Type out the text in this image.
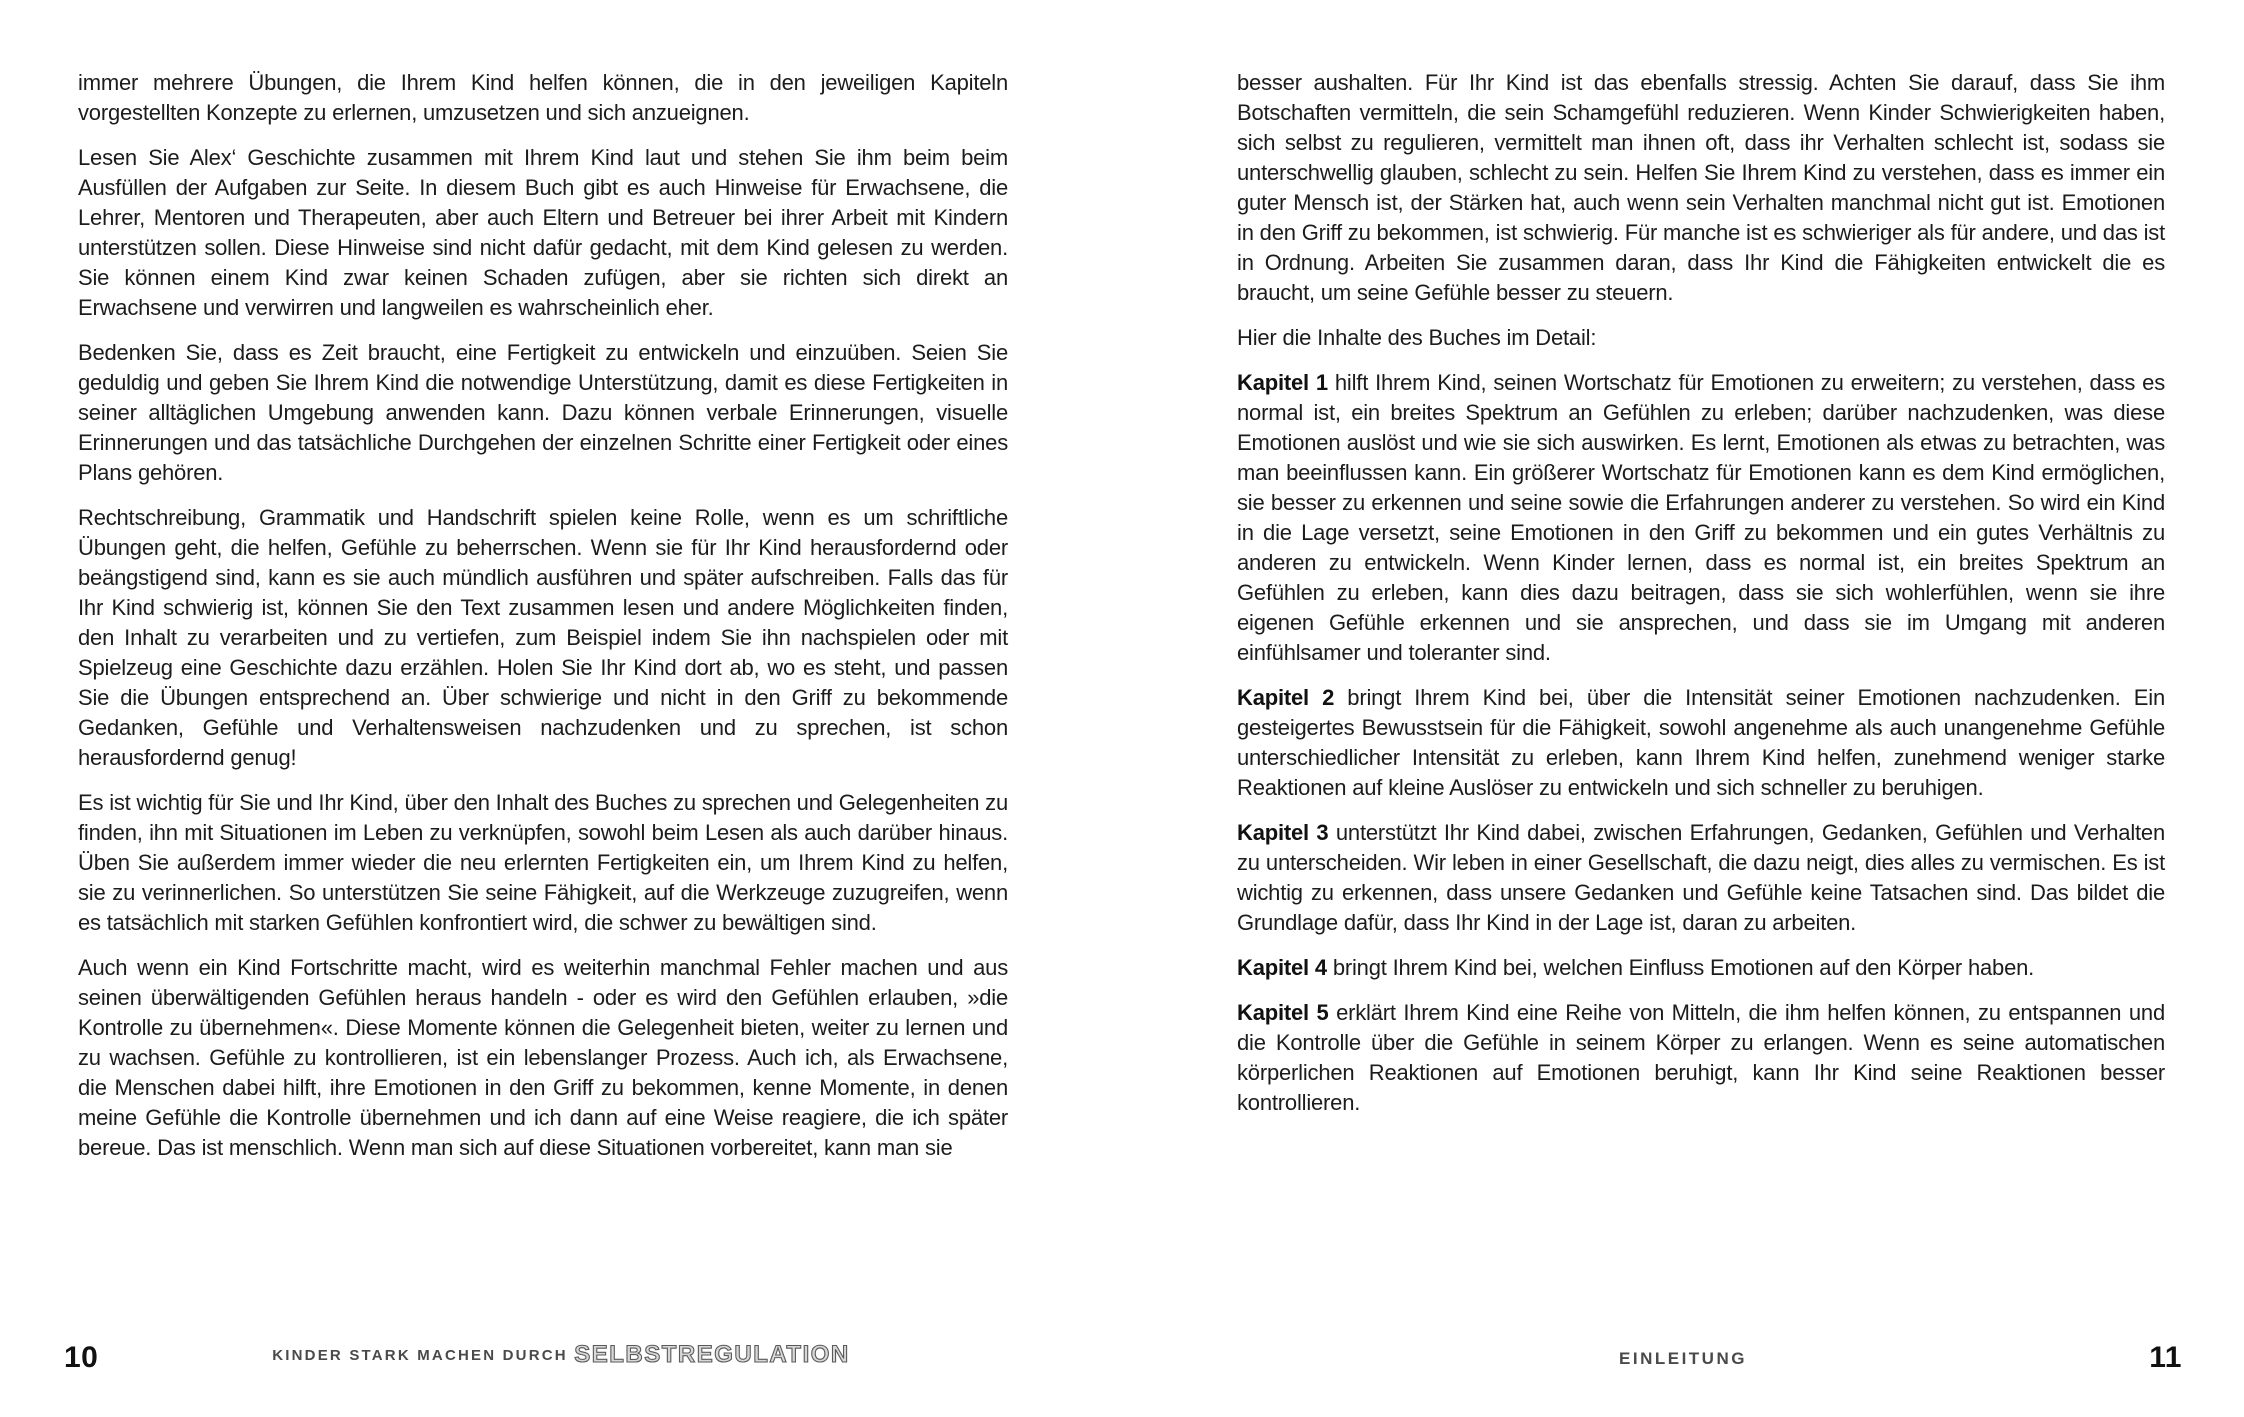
immer mehrere Übungen, die Ihrem Kind helfen können, die in den jeweiligen Kapiteln vorgestellten Konzepte zu erlernen, umzusetzen und sich anzueignen.

Lesen Sie Alex‘ Geschichte zusammen mit Ihrem Kind laut und stehen Sie ihm beim beim Ausfüllen der Aufgaben zur Seite. In diesem Buch gibt es auch Hinweise für Erwachsene, die Lehrer, Mentoren und Therapeuten, aber auch Eltern und Betreuer bei ihrer Arbeit mit Kindern unterstützen sollen. Diese Hinweise sind nicht dafür gedacht, mit dem Kind gelesen zu werden. Sie können einem Kind zwar keinen Schaden zufügen, aber sie richten sich direkt an Erwachsene und verwirren und langweilen es wahrscheinlich eher.

Bedenken Sie, dass es Zeit braucht, eine Fertigkeit zu entwickeln und einzuüben. Seien Sie geduldig und geben Sie Ihrem Kind die notwendige Unterstützung, damit es diese Fertigkeiten in seiner alltäglichen Umgebung anwenden kann. Dazu können verbale Erinnerungen, visuelle Erinnerungen und das tatsächliche Durchgehen der einzelnen Schritte einer Fertigkeit oder eines Plans gehören.

Rechtschreibung, Grammatik und Handschrift spielen keine Rolle, wenn es um schriftliche Übungen geht, die helfen, Gefühle zu beherrschen. Wenn sie für Ihr Kind herausfordernd oder beängstigend sind, kann es sie auch mündlich ausführen und später aufschreiben. Falls das für Ihr Kind schwierig ist, können Sie den Text zusammen lesen und andere Möglichkeiten finden, den Inhalt zu verarbeiten und zu vertiefen, zum Beispiel indem Sie ihn nachspielen oder mit Spielzeug eine Geschichte dazu erzählen. Holen Sie Ihr Kind dort ab, wo es steht, und passen Sie die Übungen entsprechend an. Über schwierige und nicht in den Griff zu bekommende Gedanken, Gefühle und Verhaltensweisen nachzudenken und zu sprechen, ist schon herausfordernd genug!

Es ist wichtig für Sie und Ihr Kind, über den Inhalt des Buches zu sprechen und Gelegenheiten zu finden, ihn mit Situationen im Leben zu verknüpfen, sowohl beim Lesen als auch darüber hinaus. Üben Sie außerdem immer wieder die neu erlernten Fertigkeiten ein, um Ihrem Kind zu helfen, sie zu verinnerlichen. So unterstützen Sie seine Fähigkeit, auf die Werkzeuge zuzugreifen, wenn es tatsächlich mit starken Gefühlen konfrontiert wird, die schwer zu bewältigen sind.

Auch wenn ein Kind Fortschritte macht, wird es weiterhin manchmal Fehler machen und aus seinen überwältigenden Gefühlen heraus handeln - oder es wird den Gefühlen erlauben, »die Kontrolle zu übernehmen«. Diese Momente können die Gelegenheit bieten, weiter zu lernen und zu wachsen. Gefühle zu kontrollieren, ist ein lebenslanger Prozess. Auch ich, als Erwachsene, die Menschen dabei hilft, ihre Emotionen in den Griff zu bekommen, kenne Momente, in denen meine Gefühle die Kontrolle übernehmen und ich dann auf eine Weise reagiere, die ich später bereue. Das ist menschlich. Wenn man sich auf diese Situationen vorbereitet, kann man sie

10	KINDER STARK MACHEN DURCH SELBSTREGULATION

besser aushalten. Für Ihr Kind ist das ebenfalls stressig. Achten Sie darauf, dass Sie ihm Botschaften vermitteln, die sein Schamgefühl reduzieren. Wenn Kinder Schwierigkeiten haben, sich selbst zu regulieren, vermittelt man ihnen oft, dass ihr Verhalten schlecht ist, sodass sie unterschwellig glauben, schlecht zu sein. Helfen Sie Ihrem Kind zu verstehen, dass es immer ein guter Mensch ist, der Stärken hat, auch wenn sein Verhalten manchmal nicht gut ist. Emotionen in den Griff zu bekommen, ist schwierig. Für manche ist es schwieriger als für andere, und das ist in Ordnung. Arbeiten Sie zusammen daran, dass Ihr Kind die Fähigkeiten entwickelt die es braucht, um seine Gefühle besser zu steuern.

Hier die Inhalte des Buches im Detail:

Kapitel 1 hilft Ihrem Kind, seinen Wortschatz für Emotionen zu erweitern; zu verstehen, dass es normal ist, ein breites Spektrum an Gefühlen zu erleben; darüber nachzudenken, was diese Emotionen auslöst und wie sie sich auswirken. Es lernt, Emotionen als etwas zu betrachten, was man beeinflussen kann. Ein größerer Wortschatz für Emotionen kann es dem Kind ermöglichen, sie besser zu erkennen und seine sowie die Erfahrungen anderer zu verstehen. So wird ein Kind in die Lage versetzt, seine Emotionen in den Griff zu bekommen und ein gutes Verhältnis zu anderen zu entwickeln. Wenn Kinder lernen, dass es normal ist, ein breites Spektrum an Gefühlen zu erleben, kann dies dazu beitragen, dass sie sich wohlerfühlen, wenn sie ihre eigenen Gefühle erkennen und sie ansprechen, und dass sie im Umgang mit anderen einfühlsamer und toleranter sind.

Kapitel 2 bringt Ihrem Kind bei, über die Intensität seiner Emotionen nachzudenken. Ein gesteigertes Bewusstsein für die Fähigkeit, sowohl angenehme als auch unangenehme Gefühle unterschiedlicher Intensität zu erleben, kann Ihrem Kind helfen, zunehmend weniger starke Reaktionen auf kleine Auslöser zu entwickeln und sich schneller zu beruhigen.

Kapitel 3 unterstützt Ihr Kind dabei, zwischen Erfahrungen, Gedanken, Gefühlen und Verhalten zu unterscheiden. Wir leben in einer Gesellschaft, die dazu neigt, dies alles zu vermischen. Es ist wichtig zu erkennen, dass unsere Gedanken und Gefühle keine Tatsachen sind. Das bildet die Grundlage dafür, dass Ihr Kind in der Lage ist, daran zu arbeiten.

Kapitel 4 bringt Ihrem Kind bei, welchen Einfluss Emotionen auf den Körper haben.

Kapitel 5 erklärt Ihrem Kind eine Reihe von Mitteln, die ihm helfen können, zu entspannen und die Kontrolle über die Gefühle in seinem Körper zu erlangen. Wenn es seine automatischen körperlichen Reaktionen auf Emotionen beruhigt, kann Ihr Kind seine Reaktionen besser kontrollieren.

EINLEITUNG	11
